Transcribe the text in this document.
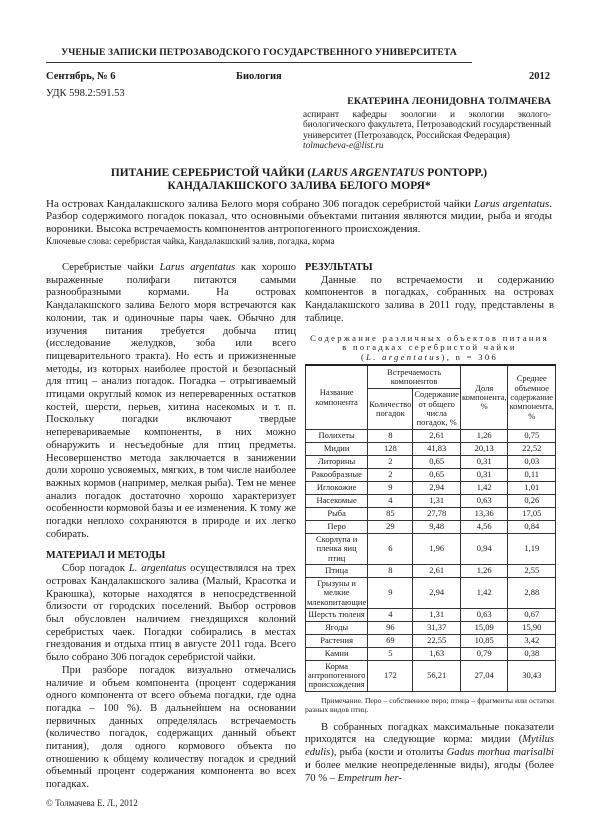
УЧЕНЫЕ ЗАПИСКИ ПЕТРОЗАВОДСКОГО ГОСУДАРСТВЕННОГО УНИВЕРСИТЕТА
Сентябрь, № 6	Биология	2012
УДК 598.2:591.53
ЕКАТЕРИНА ЛЕОНИДОВНА ТОЛМАЧЕВА
аспирант кафедры зоологии и экологии эколого-биологического факультета, Петрозаводский государственный университет (Петрозаводск, Российская Федерация)
tolmacheva-e@list.ru
ПИТАНИЕ СЕРЕБРИСТОЙ ЧАЙКИ (LARUS ARGENTATUS PONTOPP.)
КАНДАЛАКШСКОГО ЗАЛИВА БЕЛОГО МОРЯ*
На островах Кандалакшского залива Белого моря собрано 306 погадок серебристой чайки Larus argentatus. Разбор содержимого погадок показал, что основными объектами питания являются мидии, рыба и ягоды вороники. Высока встречаемость компонентов антропогенного происхождения.
Ключевые слова: серебристая чайка, Кандалакшский залив, погадка, корма

Серебристые чайки Larus argentatus как хорошо выраженные полифаги питаются самыми разнообразными кормами. На островах Кандалакшского залива Белого моря встречаются как колонии, так и одиночные пары чаек. Обычно для изучения питания требуется добыча птиц (исследование желудков, зоба или всего пищеварительного тракта). Но есть и прижизненные методы, из которых наиболее простой и безопасный для птиц – анализ погадок. Погадка – отрыгиваемый птицами округлый комок из непереваренных остатков костей, шерсти, перьев, хитина насекомых и т. п. Поскольку погадки включают твердые неперевариваемые компоненты, в них можно обнаружить и несъедобные для птиц предметы. Несовершенство метода заключается в занижении доли хорошо усвояемых, мягких, в том числе наиболее важных кормов (например, мелкая рыба). Тем не менее анализ погадок достаточно хорошо характеризует особенности кормовой базы и ее изменения. К тому же погадки неплохо сохраняются в природе и их легко собирать.

МАТЕРИАЛ И МЕТОДЫ

Сбор погадок L. argentatus осуществлялся на трех островах Кандалакшского залива (Малый, Красотка и Краюшка), которые находятся в непосредственной близости от городских поселений. Выбор островов был обусловлен наличием гнездящихся колоний серебристых чаек. Погадки собирались в местах гнездования и отдыха птиц в августе 2011 года. Всего было собрано 306 погадок серебристой чайки.

При разборе погадок визуально отмечались наличие и объем компонента (процент содержания одного компонента от всего объема погадки, где одна погадка – 100 %). В дальнейшем на основании первичных данных определялась встречаемость (количество погадок, содержащих данный объект питания), доля одного кормового объекта по отношению к общему количеству погадок и средний объемный процент содержания компонента во всех погадках.

© Толмачева Е. Л., 2012

РЕЗУЛЬТАТЫ

Данные по встречаемости и содержанию компонентов в погадках, собранных на островах Кандалакшского залива в 2011 году, представлены в таблице.

Содержание различных объектов питания
в погадках серебристой чайки
(L. argentatus), n = 306
Название компонента	Встречаемость компонентов		Доля компонента, %	Среднее объемное содержание компонента, %
	Количество погадок	Содержание от общего числа погадок, %		
Полихеты	8	2,61	1,26	0,75
Мидии	128	41,83	20,13	22,52
Литорины	2	0,65	0,31	0,03
Ракообразные	2	0,65	0,31	0,11
Иглокожие	9	2,94	1,42	1,01
Насекомые	4	1,31	0,63	0,26
Рыба	85	27,78	13,36	17,05
Перо	29	9,48	4,56	0,84
Скорлупа и пленка яиц птиц	6	1,96	0,94	1,19
Птица	8	2,61	1,26	2,55
Грызуны и мелкие млекопитающие	9	2,94	1,42	2,88
Шерсть тюленя	4	1,31	0,63	0,67
Ягоды	96	31,37	15,09	15,90
Растения	69	22,55	10,85	3,42
Камни	5	1,63	0,79	0,38
Корма антропогенного происхождения	172	56,21	27,04	30,43
Примечание. Перо – собственное перо; птица – фрагменты или остатки разных видов птиц.

В собранных погадках максимальные показатели приходятся на следующие корма: мидии (Mytilus edulis), рыба (кости и отолиты Gadus morhua marisalbi и более мелкие неопределенные виды), ягоды (более 70 % – Empetrum her-
